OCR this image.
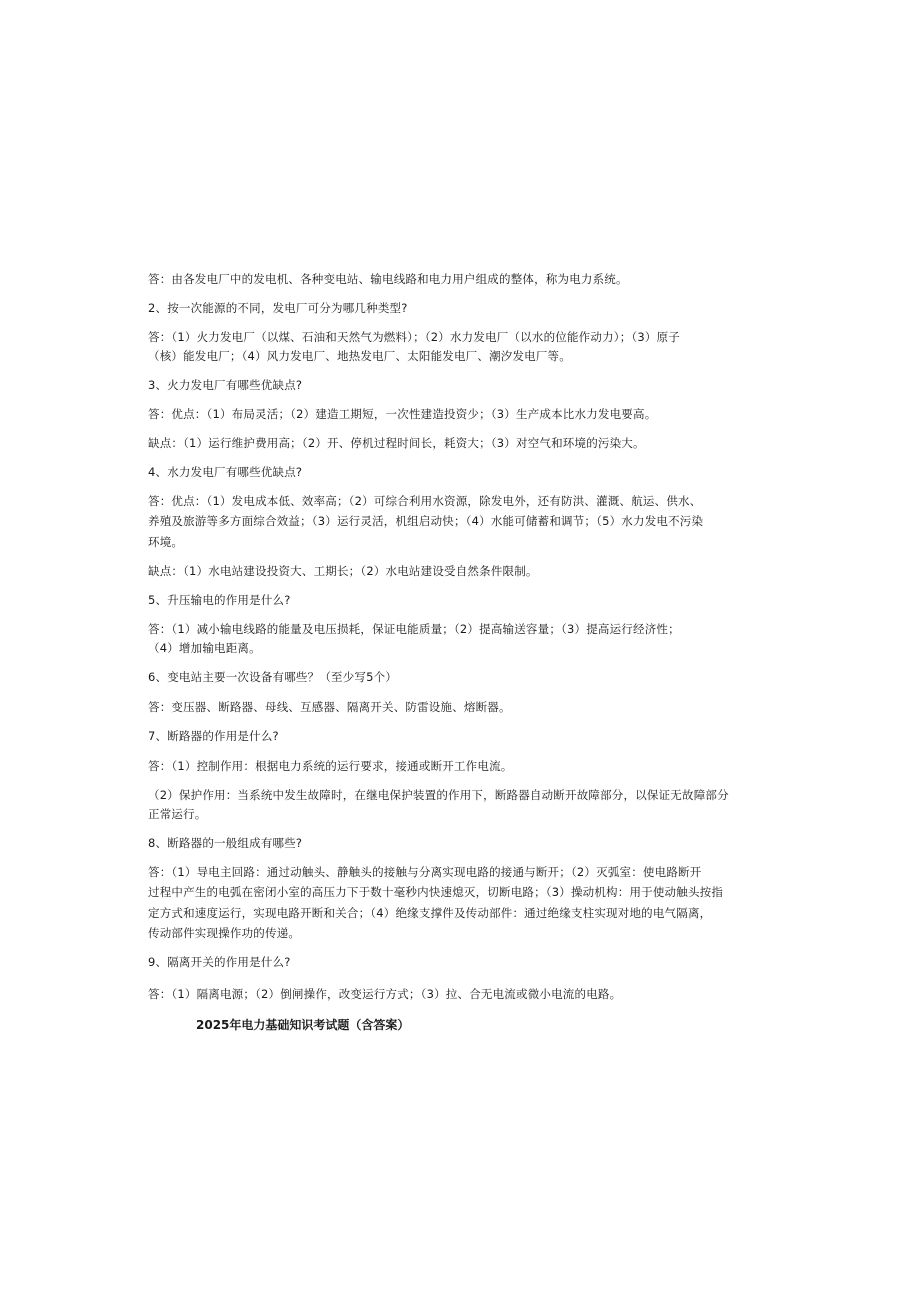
答：由各发电厂中的发电机、各种变电站、输电线路和电力用户组成的整体，称为电力系统。
2、按一次能源的不同，发电厂可分为哪几种类型?
答：（1）火力发电厂（以煤、石油和天然气为燃料）；（2）水力发电厂（以水的位能作动力）；（3）原子
（核）能发电厂；（4）风力发电厂、地热发电厂、太阳能发电厂、潮汐发电厂等。
3、火力发电厂有哪些优缺点?
答：优点：（1）布局灵活；（2）建造工期短，一次性建造投资少；（3）生产成本比水力发电要高。
缺点：（1）运行维护费用高；（2）开、停机过程时间长，耗资大；（3）对空气和环境的污染大。
4、水力发电厂有哪些优缺点?
答：优点：（1）发电成本低、效率高；（2）可综合利用水资源，除发电外，还有防洪、灌溉、航运、供水、
养殖及旅游等多方面综合效益；（3）运行灵活，机组启动快；（4）水能可储蓄和调节；（5）水力发电不污染
环境。
缺点：（1）水电站建设投资大、工期长；（2）水电站建设受自然条件限制。
5、升压输电的作用是什么?
答：（1）减小输电线路的能量及电压损耗，保证电能质量；（2）提高输送容量；（3）提高运行经济性；
（4）增加输电距离。
6、变电站主要一次设备有哪些？（至少写5个）
答：变压器、断路器、母线、互感器、隔离开关、防雷设施、熔断器。
7、断路器的作用是什么?
答：（1）控制作用：根据电力系统的运行要求，接通或断开工作电流。
（2）保护作用：当系统中发生故障时，在继电保护装置的作用下，断路器自动断开故障部分，以保证无故障部分
正常运行。
8、断路器的一般组成有哪些?
答：（1）导电主回路：通过动触头、静触头的接触与分离实现电路的接通与断开；（2）灭弧室：使电路断开
过程中产生的电弧在密闭小室的高压力下于数十毫秒内快速熄灭，切断电路；（3）操动机构：用于使动触头按指
定方式和速度运行，实现电路开断和关合；（4）绝缘支撑件及传动部件：通过绝缘支柱实现对地的电气隔离，
传动部件实现操作功的传递。
9、隔离开关的作用是什么?
答：（1）隔离电源；（2）倒闸操作，改变运行方式；（3）拉、合无电流或微小电流的电路。
2025年电力基础知识考试题（含答案）
